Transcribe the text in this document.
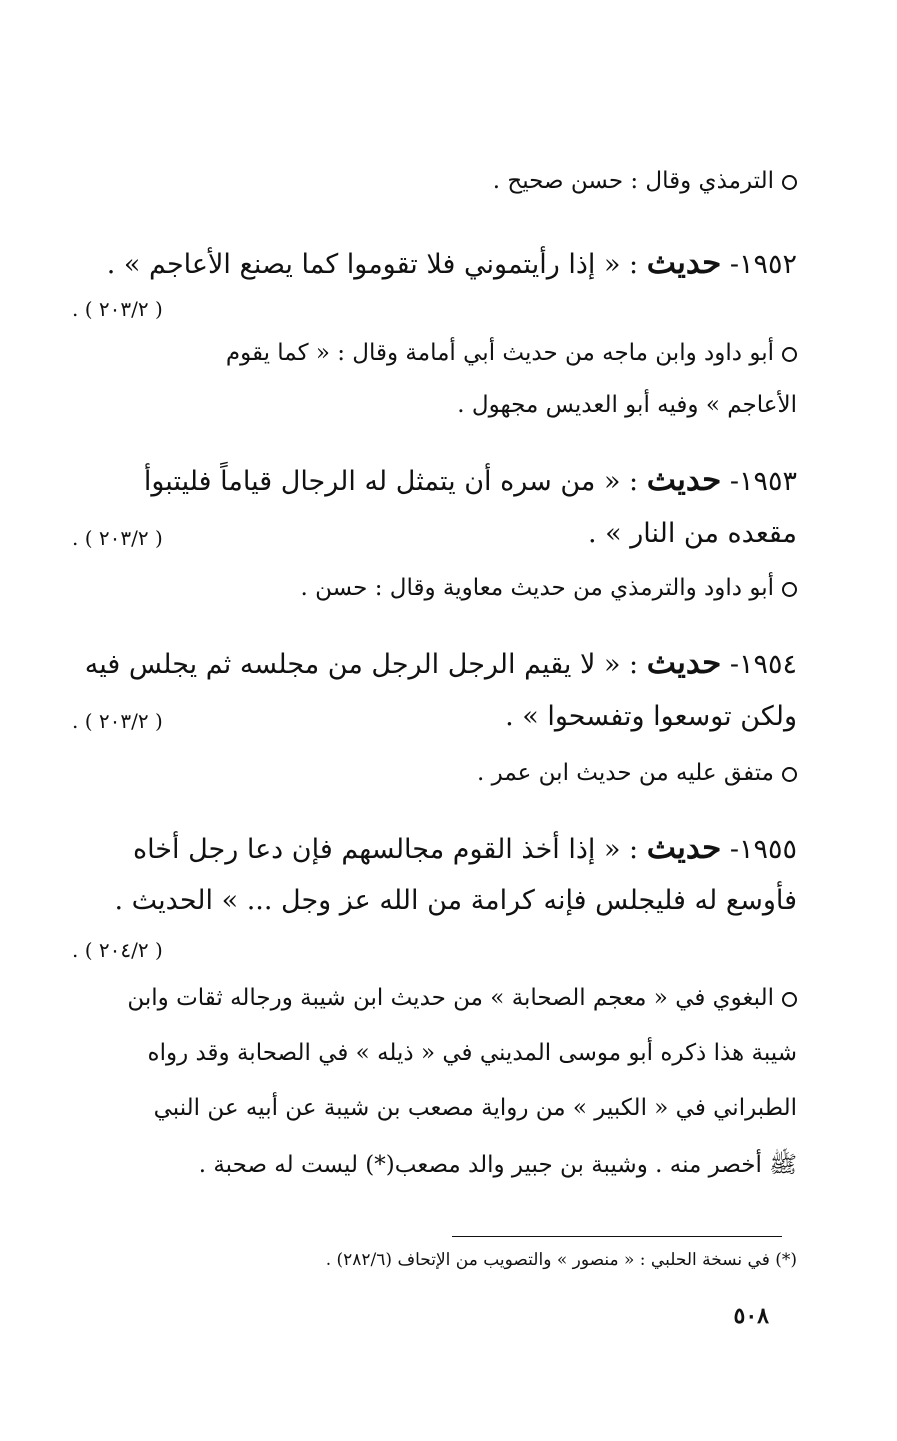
الترمذي وقال : حسن صحيح .
١٩٥٢- حديث : « إذا رأيتموني فلا تقوموا كما يصنع الأعاجم » .
( ٢٠٣/٢ ) .
أبو داود وابن ماجه من حديث أبي أمامة وقال : « كما يقوم
الأعاجم » وفيه أبو العديس مجهول .
١٩٥٣- حديث : « من سره أن يتمثل له الرجال قياماً فليتبوأ
مقعده من النار » .
( ٢٠٣/٢ ) .
أبو داود والترمذي من حديث معاوية وقال : حسن .
١٩٥٤- حديث : « لا يقيم الرجل الرجل من مجلسه ثم يجلس فيه
ولكن توسعوا وتفسحوا » .
( ٢٠٣/٢ ) .
متفق عليه من حديث ابن عمر .
١٩٥٥- حديث : « إذا أخذ القوم مجالسهم فإن دعا رجل أخاه
فأوسع له فليجلس فإنه كرامة من الله عز وجل ... » الحديث .
( ٢٠٤/٢ ) .
البغوي في « معجم الصحابة » من حديث ابن شيبة ورجاله ثقات وابن
شيبة هذا ذكره أبو موسى المديني في « ذيله » في الصحابة وقد رواه
الطبراني في « الكبير » من رواية مصعب بن شيبة عن أبيه عن النبي
ﷺ أخصر منه . وشيبة بن جبير والد مصعب(*) ليست له صحبة .
(*) في نسخة الحلبي : « منصور » والتصويب من الإتحاف (٢٨٢/٦) .
٥٠٨
